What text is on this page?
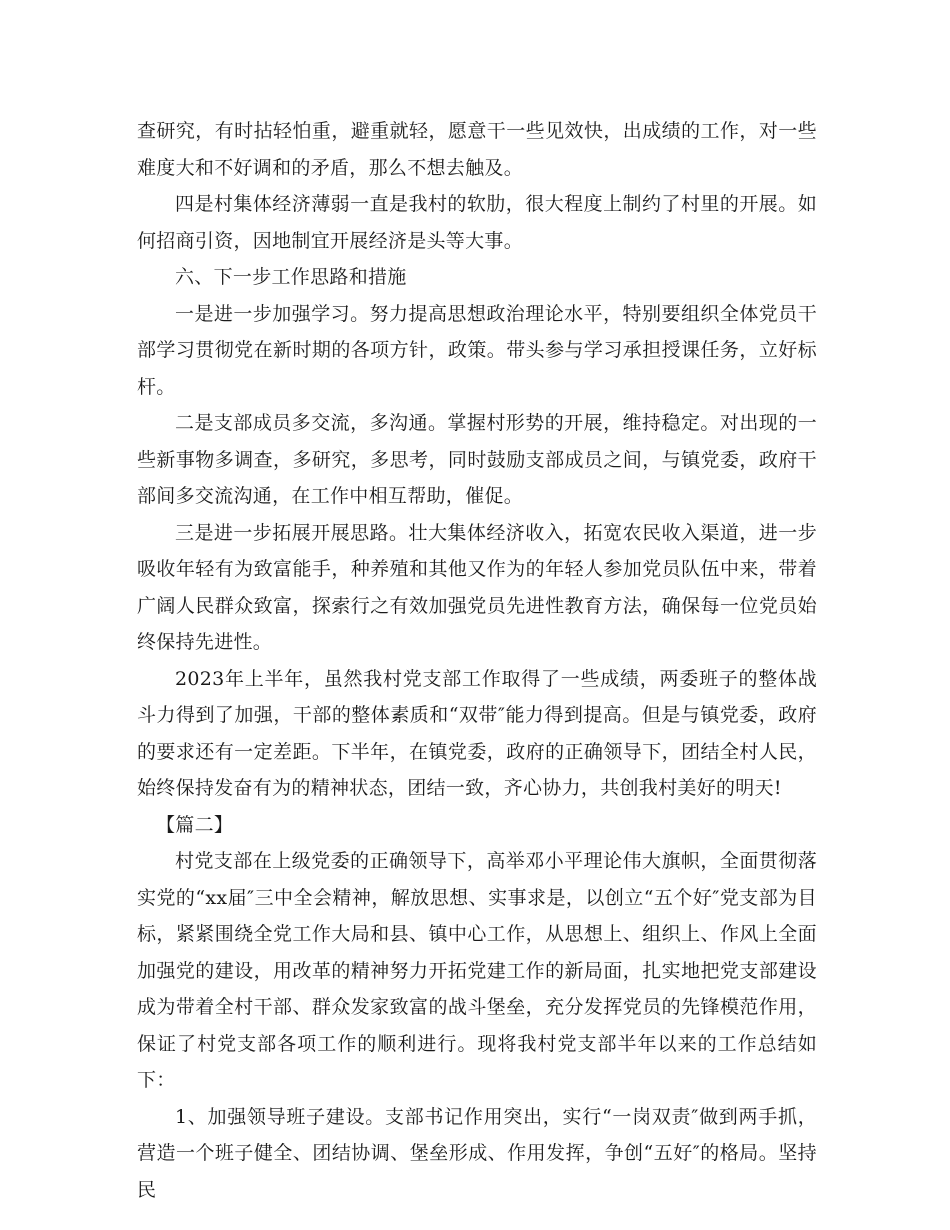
查研究，有时拈轻怕重，避重就轻，愿意干一些见效快，出成绩的工作，对一些难度大和不好调和的矛盾，那么不想去触及。

四是村集体经济薄弱一直是我村的软肋，很大程度上制约了村里的开展。如何招商引资，因地制宜开展经济是头等大事。

六、下一步工作思路和措施

一是进一步加强学习。努力提高思想政治理论水平，特别要组织全体党员干部学习贯彻党在新时期的各项方针，政策。带头参与学习承担授课任务，立好标杆。

二是支部成员多交流，多沟通。掌握村形势的开展，维持稳定。对出现的一些新事物多调查，多研究，多思考，同时鼓励支部成员之间，与镇党委，政府干部间多交流沟通，在工作中相互帮助，催促。

三是进一步拓展开展思路。壮大集体经济收入，拓宽农民收入渠道，进一步吸收年轻有为致富能手，种养殖和其他又作为的年轻人参加党员队伍中来，带着广阔人民群众致富，探索行之有效加强党员先进性教育方法，确保每一位党员始终保持先进性。

2023年上半年，虽然我村党支部工作取得了一些成绩，两委班子的整体战斗力得到了加强，干部的整体素质和“双带″能力得到提高。但是与镇党委，政府的要求还有一定差距。下半年，在镇党委，政府的正确领导下，团结全村人民，始终保持发奋有为的精神状态，团结一致，齐心协力，共创我村美好的明天!

【篇二】

村党支部在上级党委的正确领导下，高举邓小平理论伟大旗帜，全面贯彻落实党的“xx届″三中全会精神，解放思想、实事求是，以创立“五个好″党支部为目标，紧紧围绕全党工作大局和县、镇中心工作，从思想上、组织上、作风上全面加强党的建设，用改革的精神努力开拓党建工作的新局面，扎实地把党支部建设成为带着全村干部、群众发家致富的战斗堡垒，充分发挥党员的先锋模范作用，保证了村党支部各项工作的顺利进行。现将我村党支部半年以来的工作总结如下：

1、加强领导班子建设。支部书记作用突出，实行“一岗双责″做到两手抓，营造一个班子健全、团结协调、堡垒形成、作用发挥，争创“五好″的格局。坚持民
